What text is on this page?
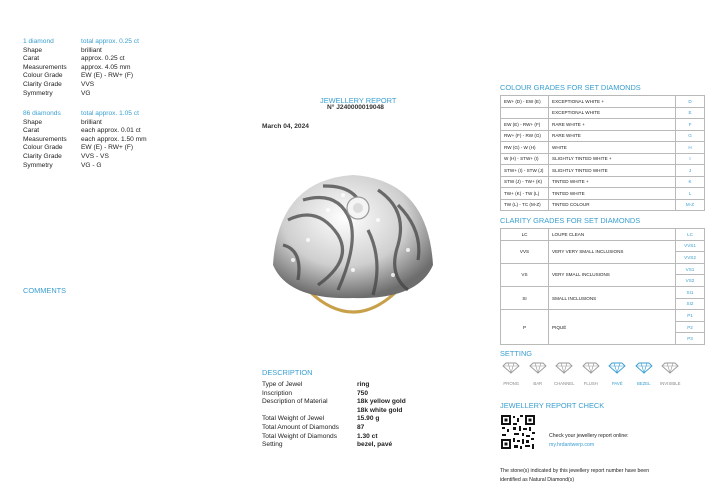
1 diamond	total approx. 0.25 ct
Shape	brilliant
Carat	approx. 0.25 ct
Measurements	approx. 4.05 mm
Colour Grade	EW (E) - RW+ (F)
Clarity Grade	VVS
Symmetry	VG
86 diamonds	total approx. 1.05 ct
Shape	brilliant
Carat	each approx. 0.01 ct
Measurements	each approx. 1.50 mm
Colour Grade	EW (E) - RW+ (F)
Clarity Grade	VVS - VS
Symmetry	VG - G
COMMENTS
JEWELLERY REPORT
N° J240000019048
March 04, 2024
DESCRIPTION
Type of Jewel	ring
Inscription	750
Description of Material	18k yellow gold
18k white gold
Total Weight of Jewel	15.90 g
Total Amount of Diamonds	87
Total Weight of Diamonds	1.30 ct
Setting	bezel, pavé
COLOUR GRADES FOR SET DIAMONDS
EW+ (D) - EW (E)	EXCEPTIONAL WHITE +	D
	EXCEPTIONAL WHITE	E
EW (E) - RW+ (F)	RARE WHITE +	F
RW+ (F) - RW (G)	RARE WHITE	G
RW (G) - W (H)	WHITE	H
W (H) - STW+ (I)	SLIGHTLY TINTED WHITE +	I
STW+ (I) - STW (J)	SLIGHTLY TINTED WHITE	J
STW (J) - TW+ (K)	TINTED WHITE +	K
TW+ (K) - TW (L)	TINTED WHITE	L
TW (L) - TC (M-Z)	TINTED COLOUR	M-Z
CLARITY GRADES FOR SET DIAMONDS
LC	LOUPE CLEAN	LC
VVS	VERY VERY SMALL INCLUSIONS	VVS1
		VVS2
VS	VERY SMALL INCLUSIONS	VS1
		VS2
SI	SMALL INCLUSIONS	SI1
		SI2
P	PIQUÉ	P1
		P2
		P3
SETTING
PRONG	BAR	CHANNEL FLUSH	PAVÉ	BEZEL INVISIBLE
JEWELLERY REPORT CHECK
Check your jewellery report online:
my.hrdantwerp.com
The stone(s) indicated by this jewellery report number have been
identified as Natural Diamond(s)
